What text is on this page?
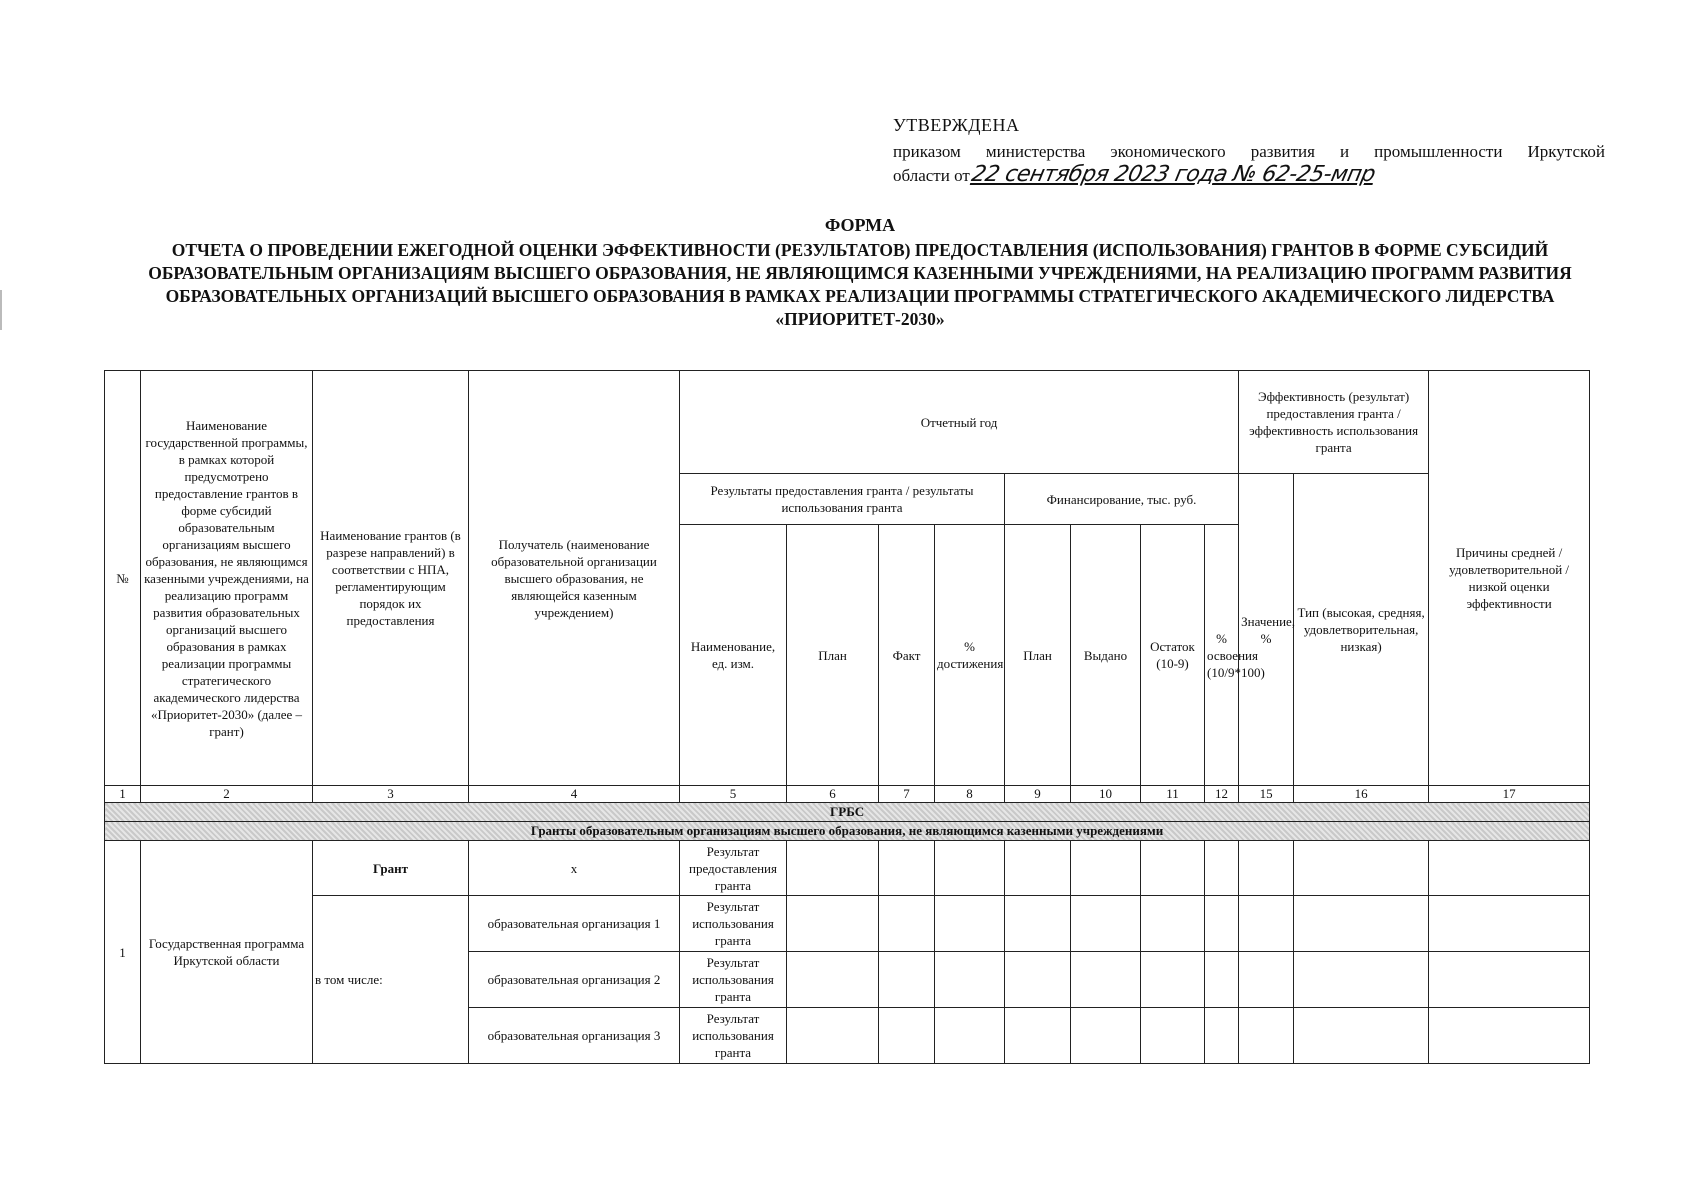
УТВЕРЖДЕНА
приказом министерства экономического развития и промышленности Иркутской
области от22 сентября 2023 года № 62-25-мпр
ФОРМА
ОТЧЕТА О ПРОВЕДЕНИИ ЕЖЕГОДНОЙ ОЦЕНКИ ЭФФЕКТИВНОСТИ (РЕЗУЛЬТАТОВ) ПРЕДОСТАВЛЕНИЯ (ИСПОЛЬЗОВАНИЯ) ГРАНТОВ В ФОРМЕ СУБСИДИЙ ОБРАЗОВАТЕЛЬНЫМ ОРГАНИЗАЦИЯМ ВЫСШЕГО ОБРАЗОВАНИЯ, НЕ ЯВЛЯЮЩИМСЯ КАЗЕННЫМИ УЧРЕЖДЕНИЯМИ, НА РЕАЛИЗАЦИЮ ПРОГРАММ РАЗВИТИЯ ОБРАЗОВАТЕЛЬНЫХ ОРГАНИЗАЦИЙ ВЫСШЕГО ОБРАЗОВАНИЯ В РАМКАХ РЕАЛИЗАЦИИ ПРОГРАММЫ СТРАТЕГИЧЕСКОГО АКАДЕМИЧЕСКОГО ЛИДЕРСТВА «ПРИОРИТЕТ-2030»
№	Наименование государственной программы, в рамках которой предусмотрено предоставление грантов в форме субсидий образовательным организациям высшего образования, не являющимся казенными учреждениями, на реализацию программ развития образовательных организаций высшего образования в рамках реализации программы стратегического академического лидерства «Приоритет-2030» (далее – грант)	Наименование грантов (в разрезе направлений) в соответствии с НПА, регламентирующим порядок их предоставления	Получатель (наименование образовательной организации высшего образования, не являющейся казенным учреждением)	Отчетный год								Эффективность (результат) предоставления гранта / эффективность использования гранта		Причины средней / удовлетворительной / низкой оценки эффективности
				Результаты предоставления гранта / результаты использования гранта				Финансирование, тыс. руб.				Значение, %	Тип (высокая, средняя, удовлетворительная, низкая)	
				Наименование, ед. изм.	План	Факт	% достижения	План	Выдано	Остаток (10-9)	% освоения (10/9*100)			
1	2	3	4	5	6	7	8	9	10	11	12	15	16	17
ГРБС														
Гранты образовательным организациям высшего образования, не являющимся казенными учреждениями														
1	Государственная программа Иркутской области	Грант	х	Результат предоставления гранта										
		в том числе:	образовательная организация 1	Результат использования гранта										
			образовательная организация 2	Результат использования гранта										
			образовательная организация 3	Результат использования гранта										
